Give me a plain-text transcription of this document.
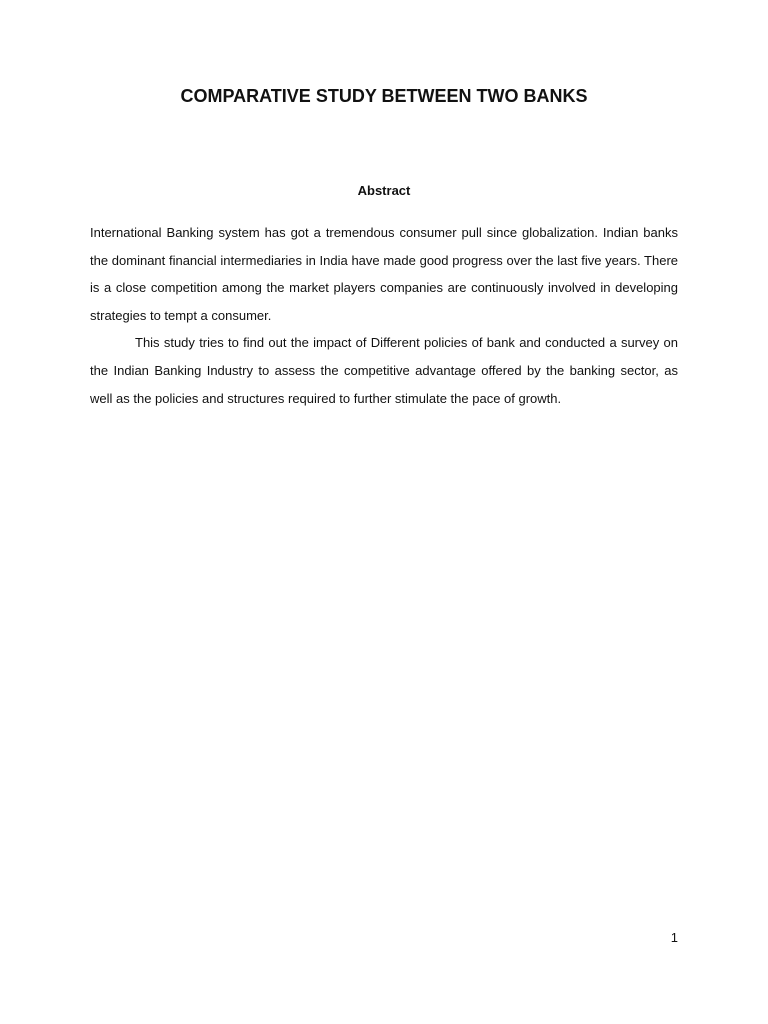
COMPARATIVE STUDY BETWEEN TWO BANKS
Abstract

International Banking system has got a tremendous consumer pull since globalization. Indian banks the dominant financial intermediaries in India have made good progress over the last five years. There is a close competition among the market players companies are continuously involved in developing strategies to tempt a consumer.

This study tries to find out the impact of Different policies of bank and conducted a survey on the Indian Banking Industry to assess the competitive advantage offered by the banking sector, as well as the policies and structures required to further stimulate the pace of growth.

1
